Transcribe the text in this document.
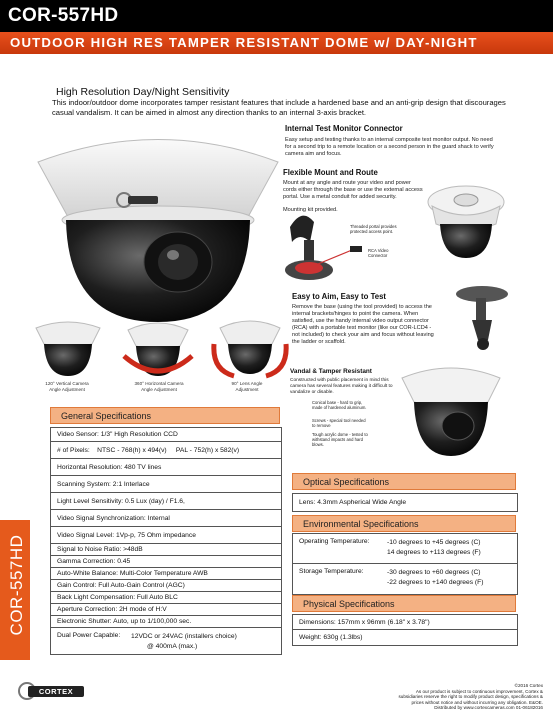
COR-557HD
OUTDOOR HIGH RES TAMPER RESISTANT DOME w/ DAY-NIGHT
COR-557HD
High Resolution Day/Night Sensitivity
This indoor/outdoor dome incorporates tamper resistant features that include a hardened base and an anti-grip design that discourages casual vandalism. It can be aimed in almost any direction thanks to an internal 3-axis bracket.
Internal Test Monitor Connector
Easy setup and testing thanks to an internal composite test monitor output. No need for a second trip to a remote location or a second person in the guard shack to verify camera aim and focus.
Flexible Mount and Route
Mount at any angle and route your video and power cords either through the base or use the external access portal. Use a metal conduit for added security.
Mounting kit provided.
Threaded portal provides protected access point.
RCA Video Connector
Easy to Aim, Easy to Test
Remove the base (using the tool provided) to access the internal brackets/hinges to point the camera. When satisfied, use the handy internal video output connector (RCA) with a portable test monitor (like our COR-LCD4 - not included) to check your aim and focus without leaving the ladder or scaffold.
120° Vertical Camera Angle Adjustment
360° Horizontal Camera Angle Adjustment
90° Lens Angle Adjustment
Vandal & Tamper Resistant
Constructed with public placement in mind this camera has several features making it difficult to vandalize or disable.
Conical base - hard to grip, made of hardened aluminum.
Screws - special tool needed to remove
Tough acrylic dome - tested to withstand impacts and hard blows.
General Specifications
Video Sensor: 1/3" High Resolution CCD
# of Pixels:    NTSC - 768(h) x 494(v)     PAL - 752(h) x 582(v)
Horizontal Resolution: 480 TV lines
Scanning System: 2:1 Interlace
Light Level Sensitivity: 0.5 Lux (day) / F1.6,
Video Signal Synchronization: Internal
Video Signal Level: 1Vp-p, 75 Ohm impedance
Signal to Noise Ratio: >48dB
Gamma Correction: 0.45
Auto-White Balance: Multi-Color Temperature AWB
Gain Control: Full Auto-Gain Control (AGC)
Back Light Compensation: Full Auto BLC
Aperture Correction: 2H mode of H:V
Electronic Shutter: Auto, up to 1/100,000 sec.
Dual Power Capable:	12VDC or 24VAC (installers choice)
@ 400mA (max.)
Optical Specifications
Lens: 4.3mm Aspherical Wide Angle
Environmental Specifications
Operating Temperature:	-10 degrees to +45 degrees (C)
14 degrees to +113 degrees (F)
Storage Temperature:	-30 degrees to +60 degrees (C)
-22 degrees to +140 degrees (F)
Physical Specifications
Dimensions: 157mm x 96mm (6.18" x 3.78")
Weight: 630g (1.3lbs)
CORTEX
©2016 Cortex
As our product is subject to continuous improvement, Cortex &
subsidiaries reserve the right to modify product design, specifications &
prices without notice and without incurring any obligation. E&OE.
Distributed by www.cortexcameras.com 01-06182016
